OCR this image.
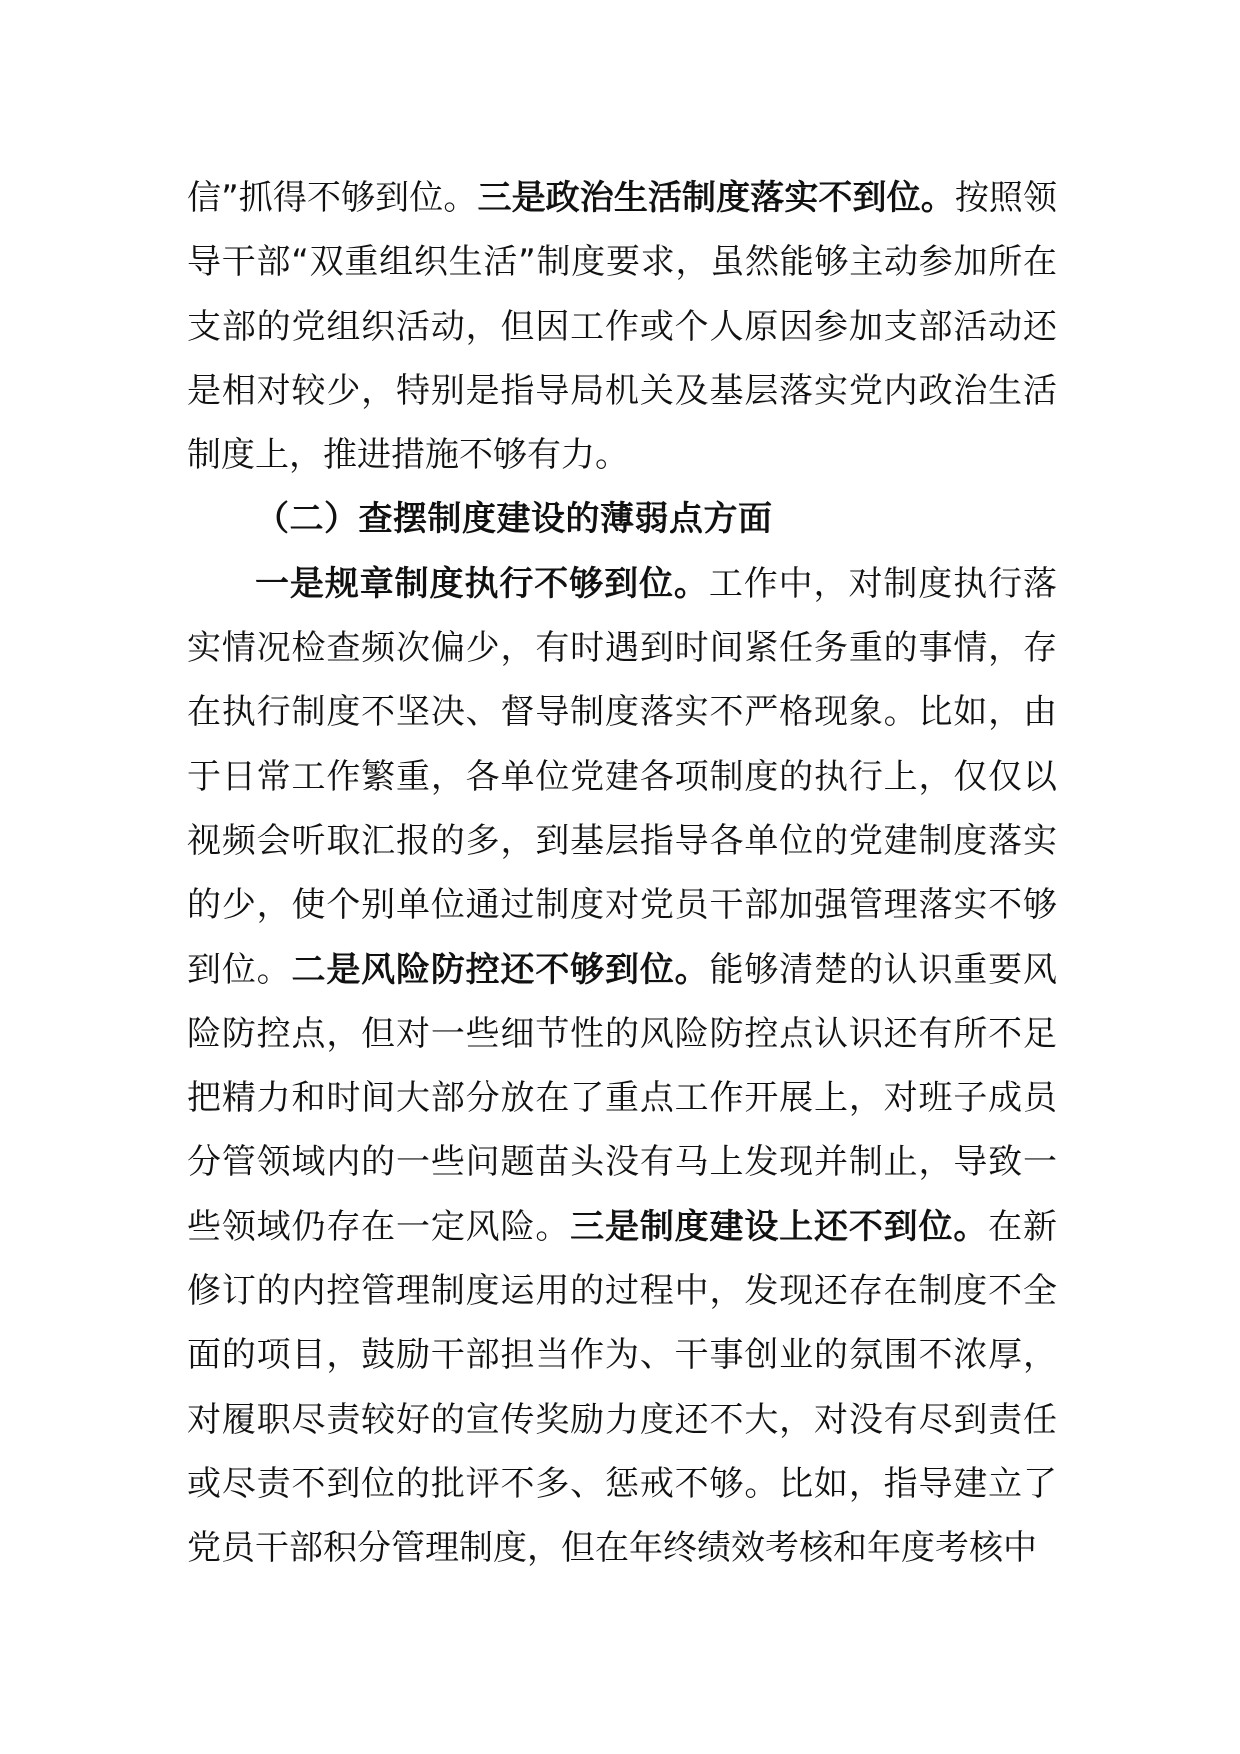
信”抓得不够到位。三是政治生活制度落实不到位。按照领导干部“双重组织生活”制度要求，虽然能够主动参加所在支部的党组织活动，但因工作或个人原因参加支部活动还是相对较少，特别是指导局机关及基层落实党内政治生活制度上，推进措施不够有力。

（二）查摆制度建设的薄弱点方面

一是规章制度执行不够到位。工作中，对制度执行落实情况检查频次偏少，有时遇到时间紧任务重的事情，存在执行制度不坚决、督导制度落实不严格现象。比如，由于日常工作繁重，各单位党建各项制度的执行上，仅仅以视频会听取汇报的多，到基层指导各单位的党建制度落实的少，使个别单位通过制度对党员干部加强管理落实不够到位。二是风险防控还不够到位。能够清楚的认识重要风险防控点，但对一些细节性的风险防控点认识还有所不足把精力和时间大部分放在了重点工作开展上，对班子成员分管领域内的一些问题苗头没有马上发现并制止，导致一些领域仍存在一定风险。三是制度建设上还不到位。在新修订的内控管理制度运用的过程中，发现还存在制度不全面的项目，鼓励干部担当作为、干事创业的氛围不浓厚，对履职尽责较好的宣传奖励力度还不大，对没有尽到责任或尽责不到位的批评不多、惩戒不够。比如，指导建立了党员干部积分管理制度，但在年终绩效考核和年度考核中
